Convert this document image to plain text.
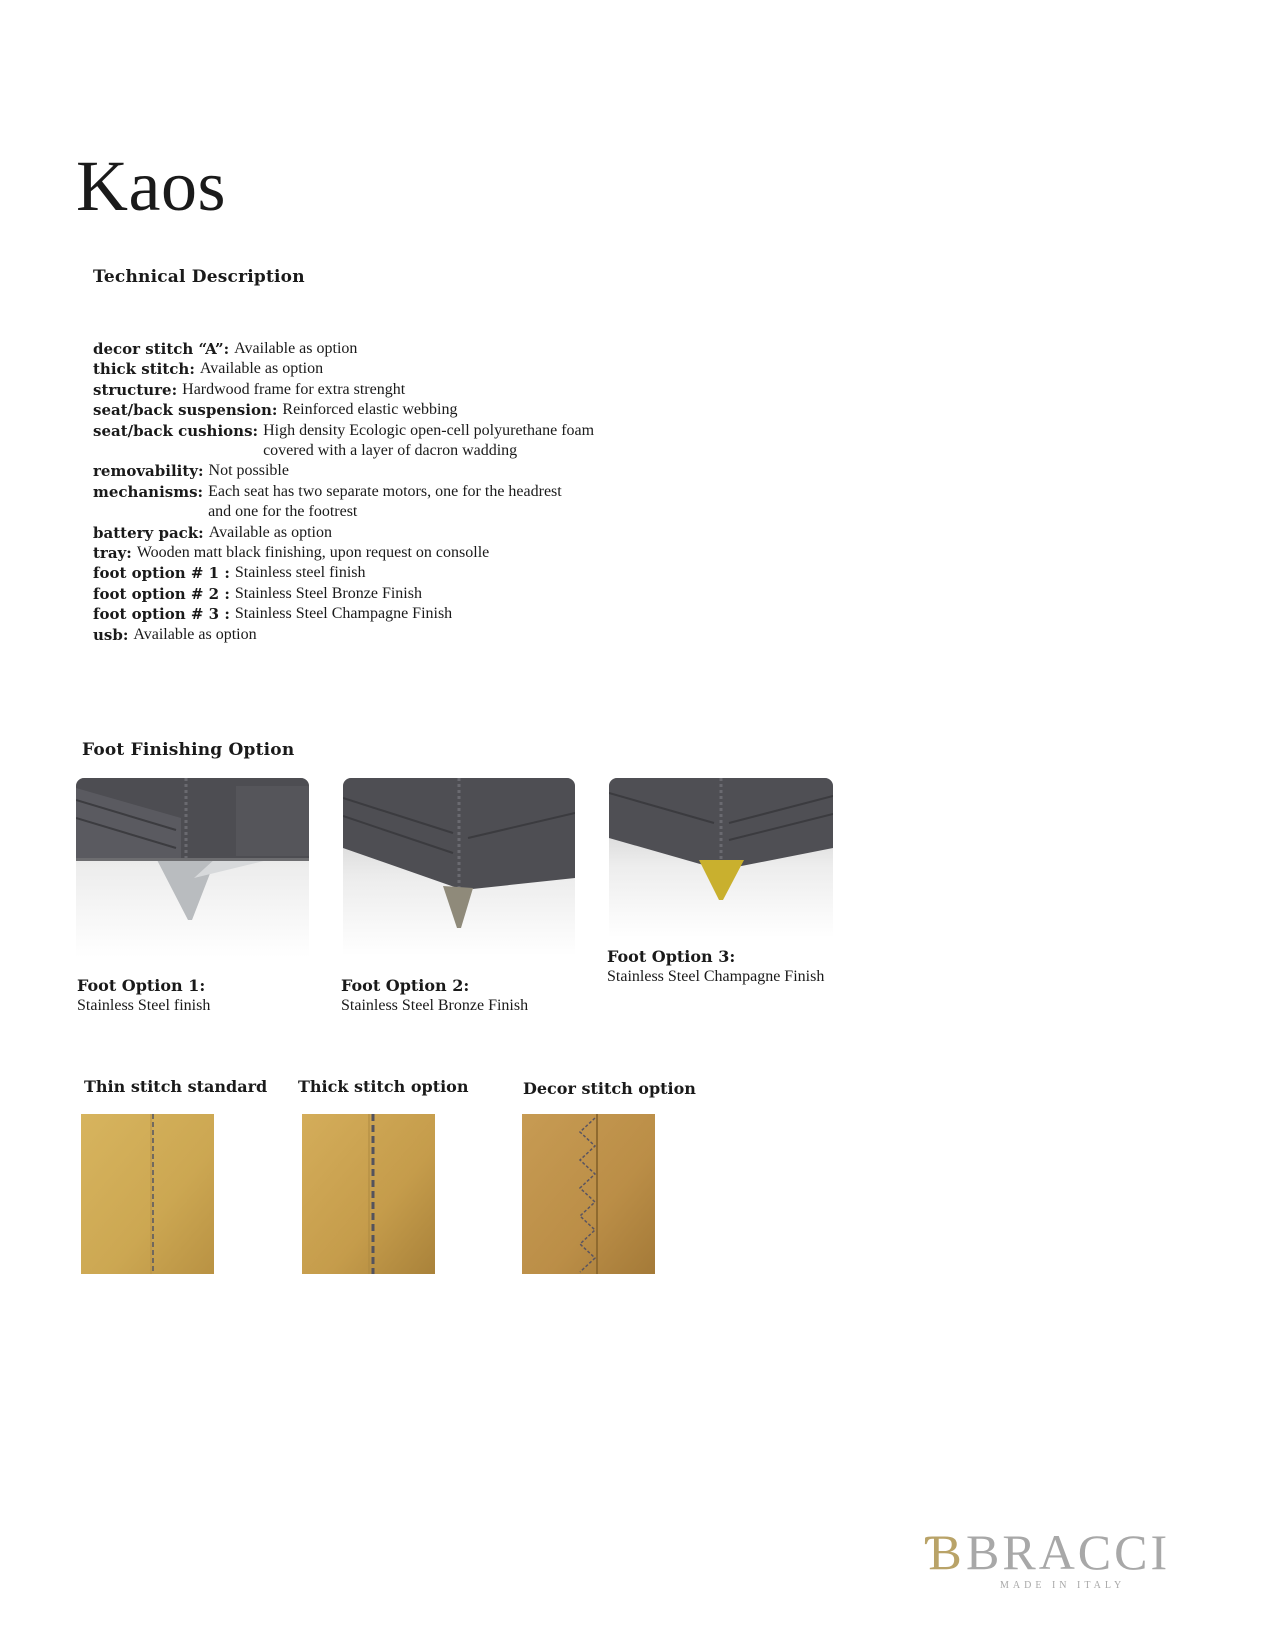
Kaos
Technical Description
decor stitch “A”: Available as option
thick stitch: Available as option
structure: Hardwood frame for extra strenght
seat/back suspension: Reinforced elastic webbing
seat/back cushions: High density Ecologic open-cell polyurethane foam
covered with a layer of dacron wadding
removability: Not possible
mechanisms: Each seat has two separate motors, one for the headrest
and one for the footrest
battery pack: Available as option
tray: Wooden matt black finishing, upon request on consolle
foot option # 1 : Stainless steel finish
foot option # 2 : Stainless Steel Bronze Finish
foot option # 3 : Stainless Steel Champagne Finish
usb: Available as option
Foot Finishing Option
Foot Option 1:
Stainless Steel finish
Foot Option 2:
Stainless Steel Bronze Finish
Foot Option 3:
Stainless Steel Champagne Finish
Thin stitch standard Thick stitch option	Decor stitch option
Ɓ BRACCI
MADE IN ITALY
